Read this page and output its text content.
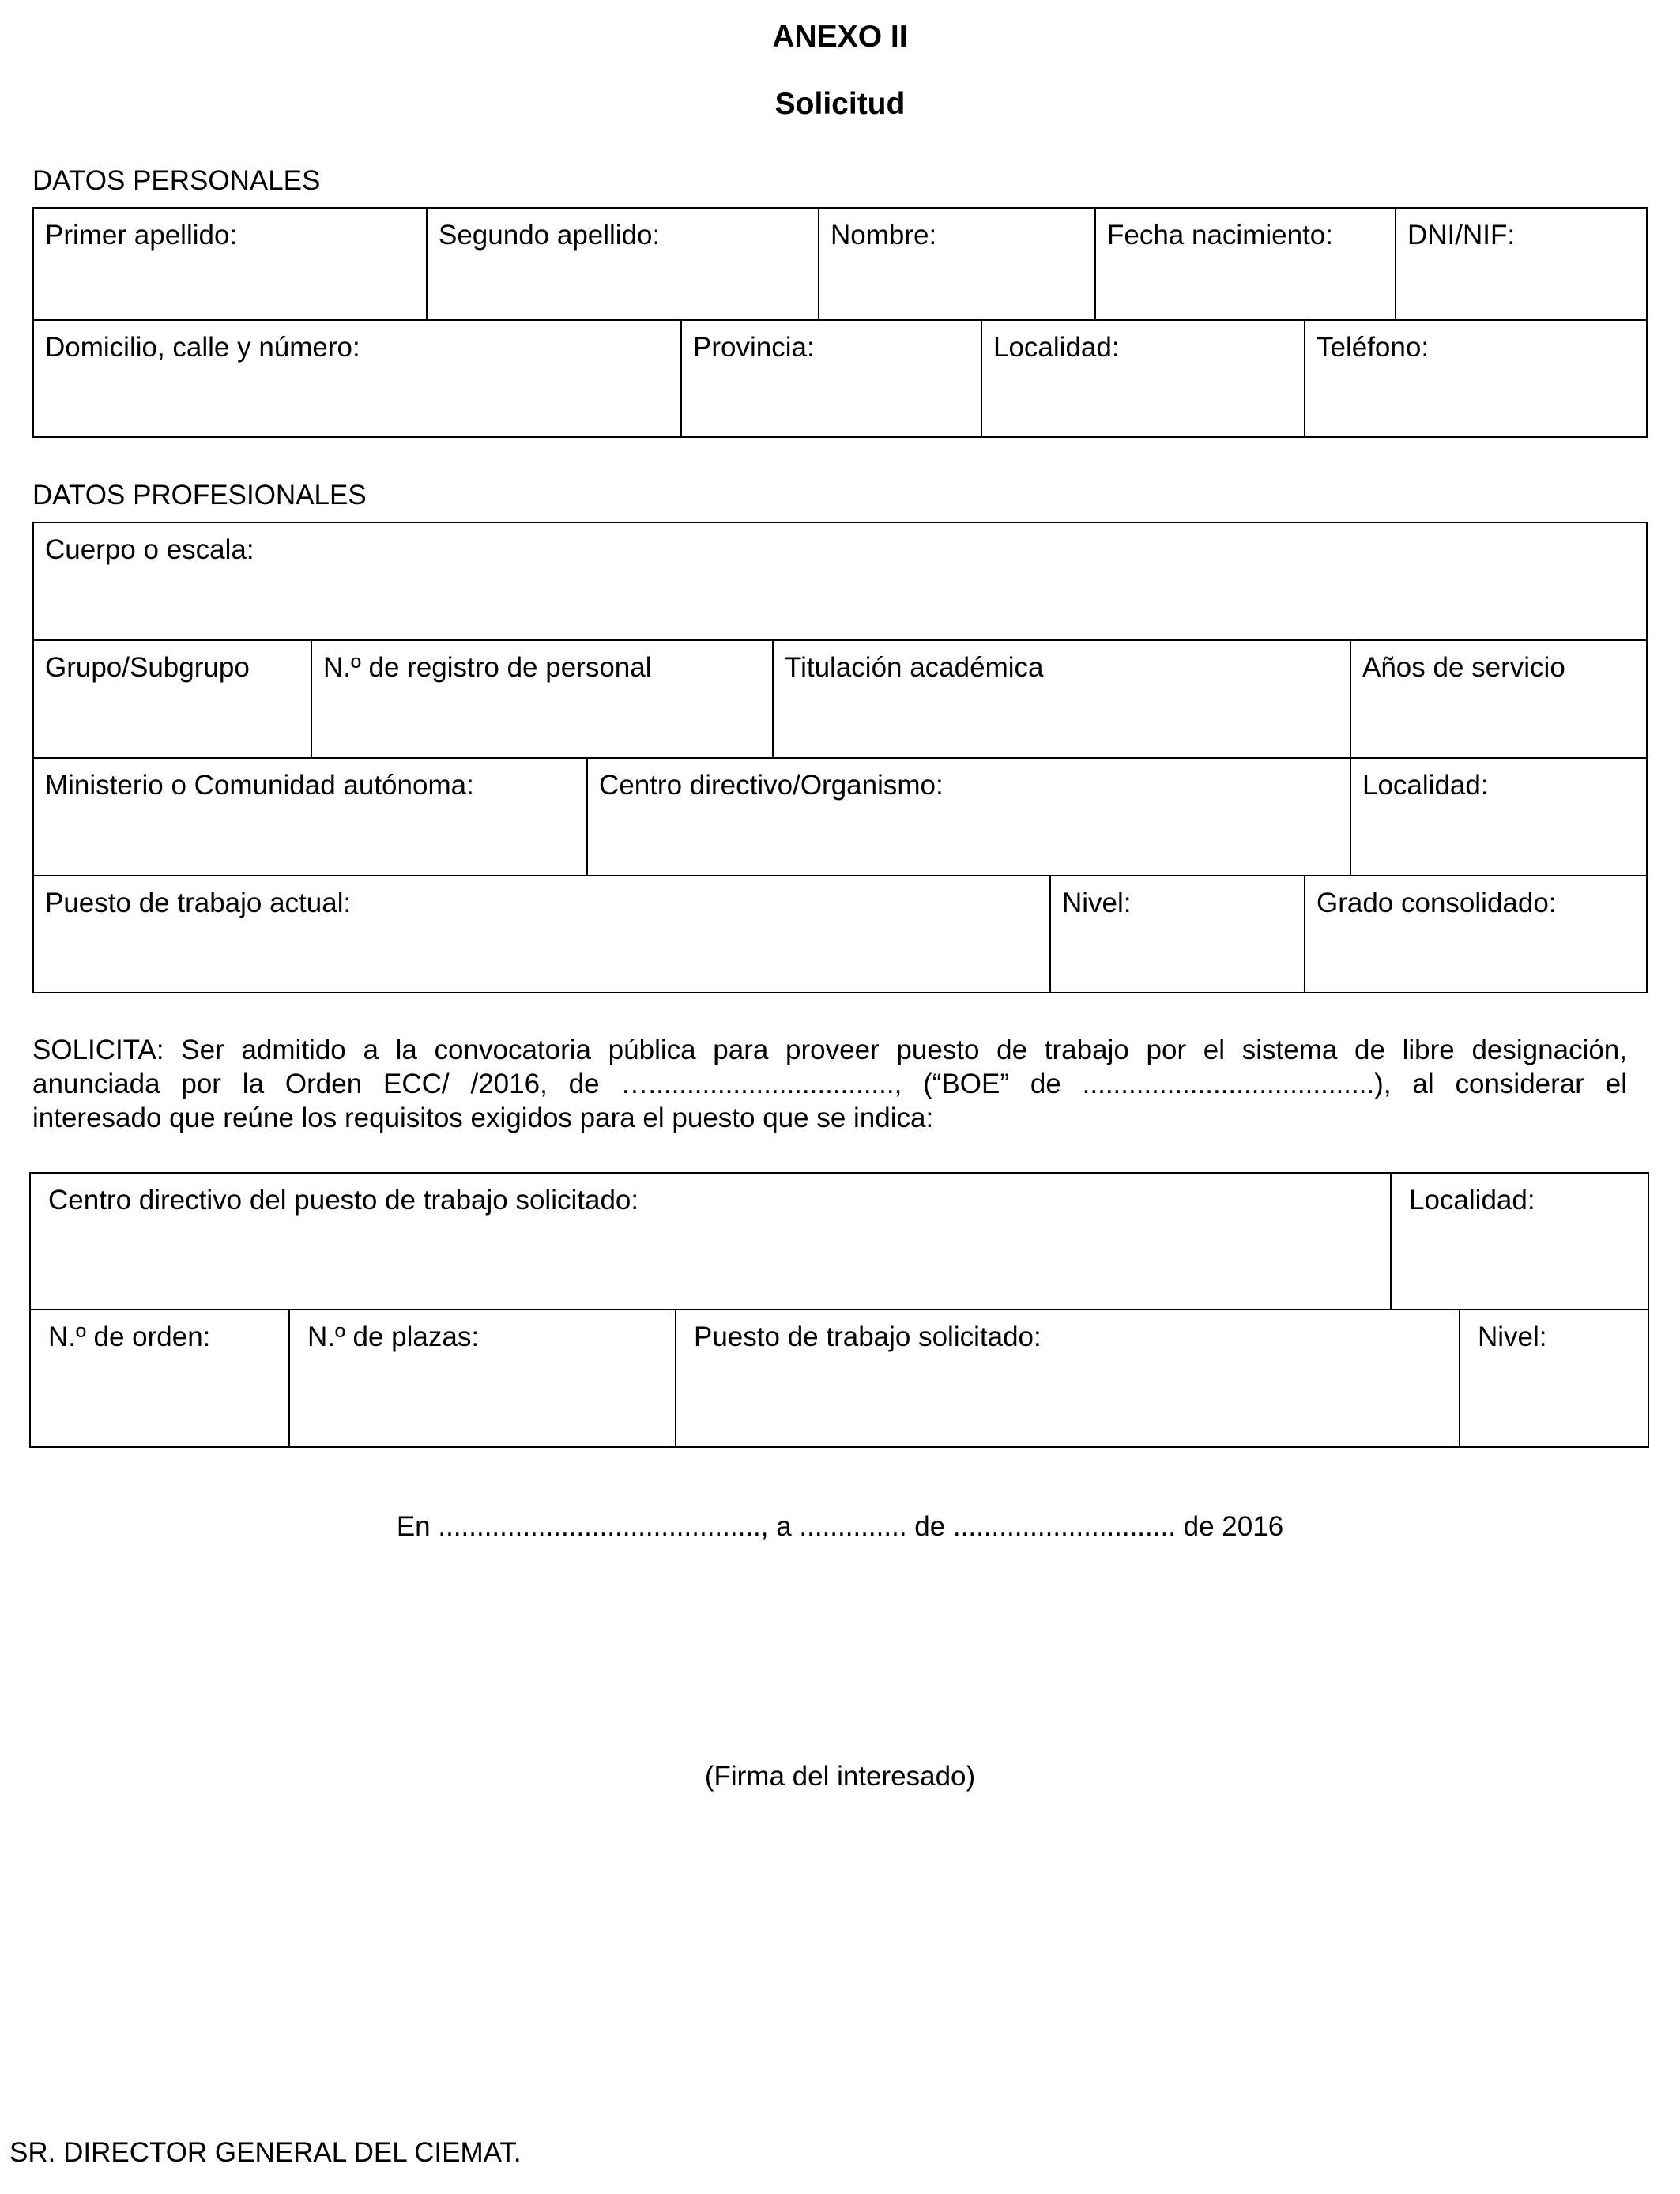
ANEXO II
Solicitud
DATOS PERSONALES
Primer apellido:	Segundo apellido:	Nombre:	Fecha nacimiento:	DNI/NIF:
Domicilio, calle y número:	Provincia:	Localidad:	Teléfono:
DATOS PROFESIONALES
Cuerpo o escala:
Grupo/Subgrupo	N.º de registro de personal	Titulación académica	Años de servicio
Ministerio o Comunidad autónoma:	Centro directivo/Organismo:	Localidad:
Puesto de trabajo actual:	Nivel:	Grado consolidado:
SOLICITA: Ser admitido a la convocatoria pública para proveer puesto de trabajo por el sistema de libre designación,
anunciada por la Orden ECC/ /2016, de …................................, (“BOE” de ......................................), al considerar el
interesado que reúne los requisitos exigidos para el puesto que se indica:
Centro directivo del puesto de trabajo solicitado:	Localidad:
N.º de orden:	N.º de plazas:	Puesto de trabajo solicitado:	Nivel:
En .........................................., a .............. de ............................. de 2016
(Firma del interesado)
SR. DIRECTOR GENERAL DEL CIEMAT.
